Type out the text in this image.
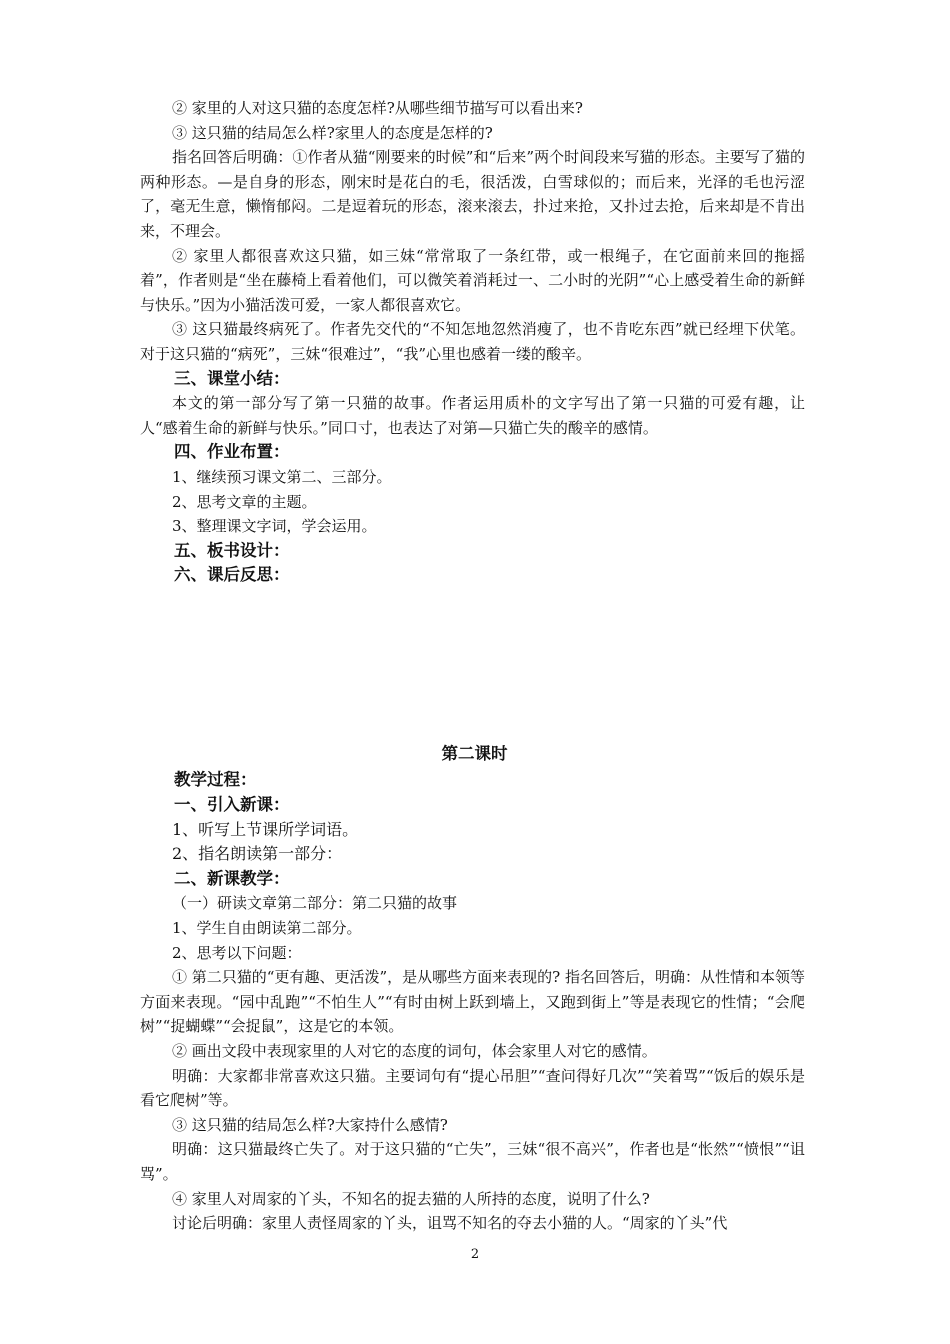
② 家里的人对这只猫的态度怎样?从哪些细节描写可以看出来?

③ 这只猫的结局怎么样?家里人的态度是怎样的?

指名回答后明确：①作者从猫“刚要来的时候”和“后来”两个时间段来写猫的形态。主要写了猫的两种形态。—是自身的形态，刚宋时是花白的毛，很活泼，白雪球似的；而后来，光泽的毛也污涩了，毫无生意，懒惰郁闷。二是逗着玩的形态，滚来滚去，扑过来抢，又扑过去抢，后来却是不肯出来，不理会。

② 家里人都很喜欢这只猫，如三妹“常常取了一条红带，或一根绳子，在它面前来回的拖摇着”，作者则是“坐在藤椅上看着他们，可以微笑着消耗过一、二小时的光阴”“心上感受着生命的新鲜与快乐。”因为小猫活泼可爱，一家人都很喜欢它。

③ 这只猫最终病死了。作者先交代的“不知怎地忽然消瘦了，也不肯吃东西”就已经埋下伏笔。对于这只猫的“病死”，三妹“很难过”，“我”心里也感着一缕的酸辛。

三、课堂小结：

本文的第一部分写了第一只猫的故事。作者运用质朴的文字写出了第一只猫的可爱有趣，让人“感着生命的新鲜与快乐。”同口寸，也表达了对第—只猫亡失的酸辛的感情。

四、作业布置：

1、继续预习课文第二、三部分。

2、思考文章的主题。

3、整理课文字词，学会运用。

五、板书设计：

六、课后反思：

第二课时

教学过程：

一、引入新课：

1、听写上节课所学词语。

2、指名朗读第一部分：

二、新课教学：

（一）研读文章第二部分：第二只猫的故事

1、学生自由朗读第二部分。

2、思考以下问题：

① 第二只猫的“更有趣、更活泼”，是从哪些方面来表现的? 指名回答后，明确：从性情和本领等方面来表现。“园中乱跑”“不怕生人”“有时由树上跃到墙上，又跑到街上”等是表现它的性情；“会爬树”“捉蝴蝶”“会捉鼠”，这是它的本领。

② 画出文段中表现家里的人对它的态度的词句，体会家里人对它的感情。

明确：大家都非常喜欢这只猫。主要词句有“提心吊胆”“查问得好几次”“笑着骂”“饭后的娱乐是看它爬树”等。

③ 这只猫的结局怎么样?大家持什么感情?

明确：这只猫最终亡失了。对于这只猫的“亡失”，三妹“很不高兴”，作者也是“怅然”“愤恨”“诅骂”。

④ 家里人对周家的丫头，不知名的捉去猫的人所持的态度，说明了什么?

讨论后明确：家里人责怪周家的丫头，诅骂不知名的夺去小猫的人。“周家的丫头”代

2
